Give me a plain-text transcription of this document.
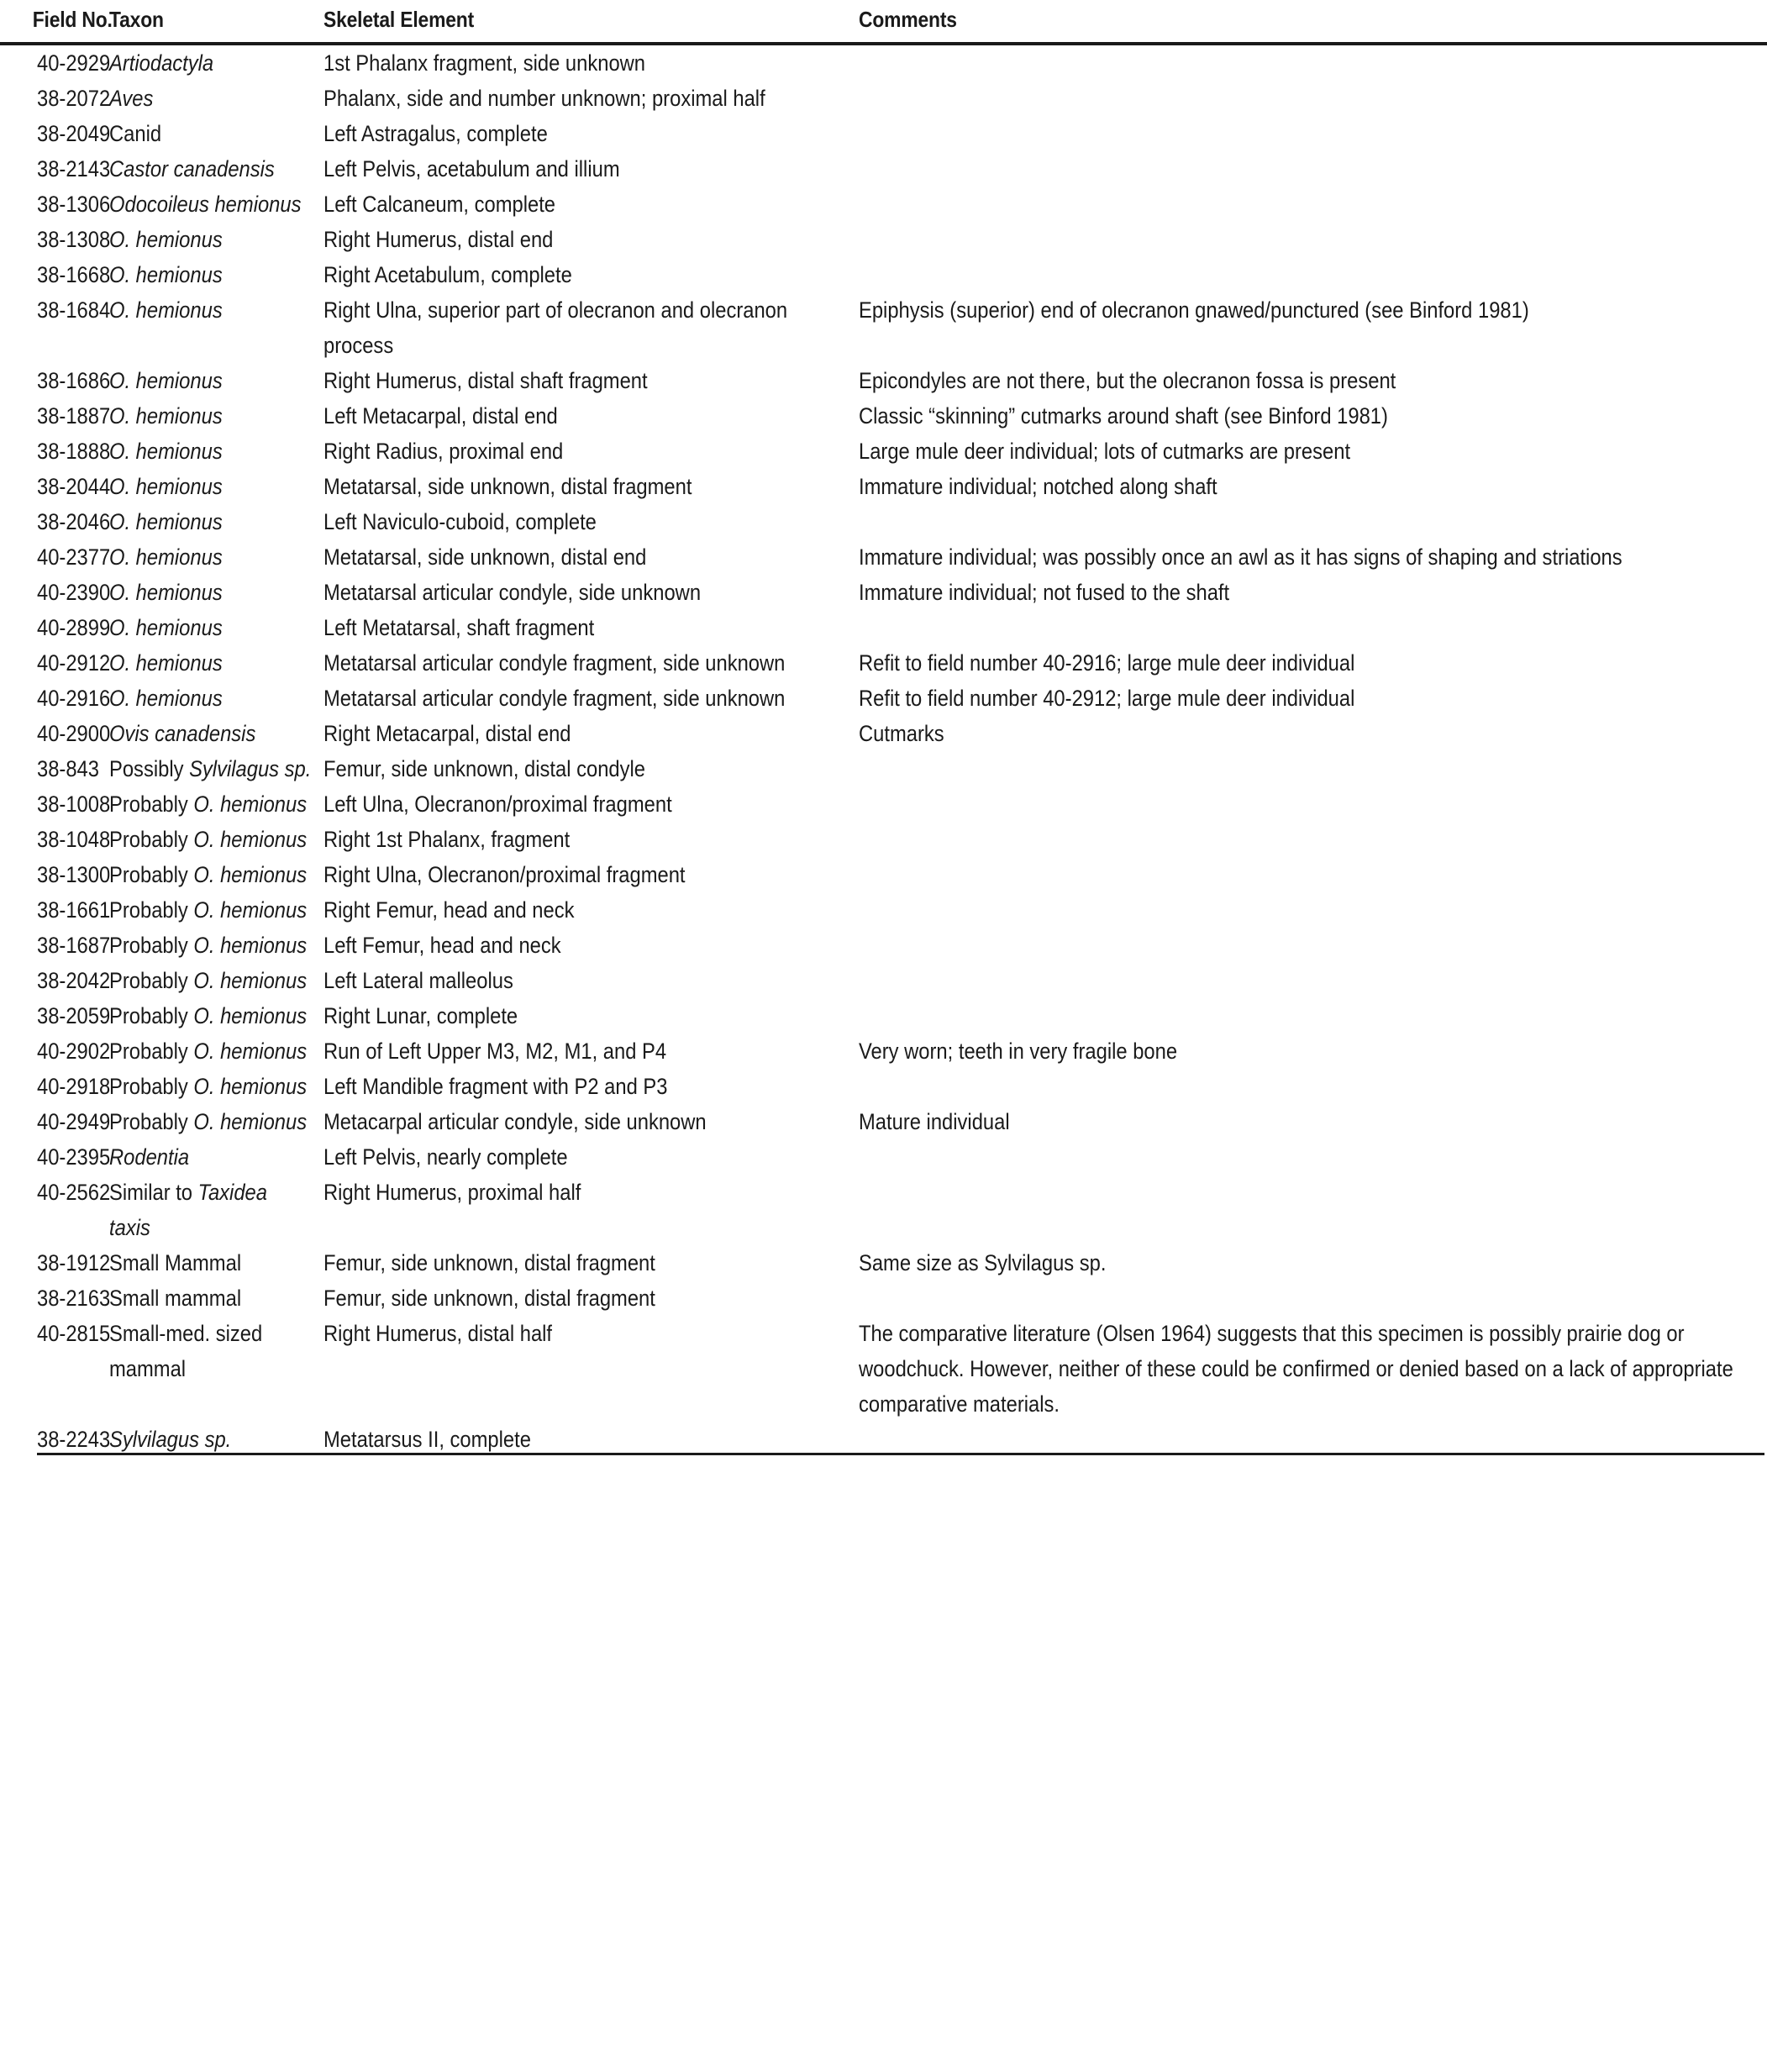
Field No.	Taxon	Skeletal Element	Comments

40-2929	Artiodactyla	1st Phalanx fragment, side unknown	

38-2072	Aves	Phalanx, side and number unknown; proximal half	

38-2049	Canid	Left Astragalus, complete	

38-2143	Castor canadensis	Left Pelvis, acetabulum and illium	

38-1306	Odocoileus hemionus	Left Calcaneum, complete	

38-1308	O. hemionus	Right Humerus, distal end	

38-1668	O. hemionus	Right Acetabulum, complete	

38-1684	O. hemionus	Right Ulna, superior part of olecranon and olecranon process	Epiphysis (superior) end of olecranon gnawed/punctured (see Binford 1981)

38-1686	O. hemionus	Right Humerus, distal shaft fragment	Epicondyles are not there, but the olecranon fossa is present

38-1887	O. hemionus	Left Metacarpal, distal end	Classic “skinning” cutmarks around shaft (see Binford 1981)

38-1888	O. hemionus	Right Radius, proximal end	Large mule deer individual; lots of cutmarks are present

38-2044	O. hemionus	Metatarsal, side unknown, distal fragment	Immature individual; notched along shaft

38-2046	O. hemionus	Left Naviculo-cuboid, complete	

40-2377	O. hemionus	Metatarsal, side unknown, distal end	Immature individual; was possibly once an awl as it has signs of shaping and striations

40-2390	O. hemionus	Metatarsal articular condyle, side unknown	Immature individual; not fused to the shaft

40-2899	O. hemionus	Left Metatarsal, shaft fragment	

40-2912	O. hemionus	Metatarsal articular condyle fragment, side unknown	Refit to field number 40-2916; large mule deer individual

40-2916	O. hemionus	Metatarsal articular condyle fragment, side unknown	Refit to field number 40-2912; large mule deer individual

40-2900	Ovis canadensis	Right Metacarpal, distal end	Cutmarks

38-843	Possibly Sylvilagus sp.	Femur, side unknown, distal condyle	

38-1008	Probably O. hemionus	Left Ulna, Olecranon/proximal fragment	

38-1048	Probably O. hemionus	Right 1st Phalanx, fragment	

38-1300	Probably O. hemionus	Right Ulna, Olecranon/proximal fragment	

38-1661	Probably O. hemionus	Right Femur, head and neck	

38-1687	Probably O. hemionus	Left Femur, head and neck	

38-2042	Probably O. hemionus	Left Lateral malleolus	

38-2059	Probably O. hemionus	Right Lunar, complete	

40-2902	Probably O. hemionus	Run of Left Upper M3, M2, M1, and P4	Very worn; teeth in very fragile bone

40-2918	Probably O. hemionus	Left Mandible fragment with P2 and P3	

40-2949	Probably O. hemionus	Metacarpal articular condyle, side unknown	Mature individual

40-2395	Rodentia	Left Pelvis, nearly complete	

40-2562	Similar to Taxidea taxis	Right Humerus, proximal half	

38-1912	Small Mammal	Femur, side unknown, distal fragment	Same size as Sylvilagus sp.

38-2163	Small mammal	Femur, side unknown, distal fragment	

40-2815	Small-med. sized mammal	Right Humerus, distal half	The comparative literature (Olsen 1964) suggests that this specimen is possibly prairie dog or woodchuck. However, neither of these could be confirmed or denied based on a lack of appropriate comparative materials.

38-2243	Sylvilagus sp.	Metatarsus II, complete	
